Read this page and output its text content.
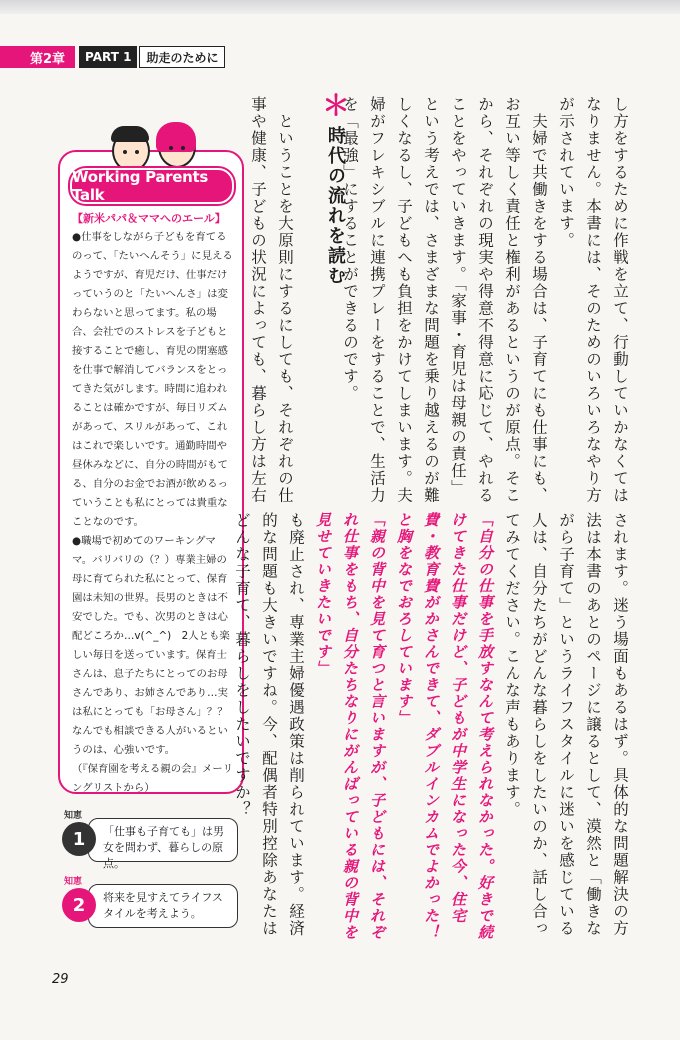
第2章	PART 1	助走のために
Working Parents Talk
【新米パパ＆ママへのエール】

●仕事をしながら子どもを育てるのって、「たいへんそう」に見えるようですが、育児だけ、仕事だけっていうのと「たいへんさ」は変わらないと思ってます。私の場合、会社でのストレスを子どもと接することで癒し、育児の閉塞感を仕事で解消してバランスをとってきた気がします。時間に追われることは確かですが、毎日リズムがあって、スリルがあって、これはこれで楽しいです。通勤時間や昼休みなどに、自分の時間がもてる、自分のお金でお酒が飲めるっていうことも私にとっては貴重なことなのです。

●職場で初めてのワーキングママ。バリバリの（？）専業主婦の母に育てられた私にとって、保育園は未知の世界。長男のときは不安でした。でも、次男のときは心配どころか…v(^_^)　2人とも楽しい毎日を送っています。保育士さんは、息子たちにとってのお母さんであり、お姉さんであり…実は私にとっても「お母さん」？？なんでも相談できる人がいるというのは、心強いです。

（『保育園を考える親の会』メーリングリストから）

「仕事も子育ても」は男女を問わず、暮らしの原点。
1
知恵
将来を見すえてライフスタイルを考えよう。
2
知恵
29

し方をするために作戦を立て、行動していかなくては

なりません。本書には、そのためのいろいろなやり方が示されています。

　夫婦で共働きをする場合は、子育てにも仕事にも、お互い等しく責任と権利があるというのが原点。そこから、それぞれの現実や得意不得意に応じて、やれることをやっていきます。「家事・育児は母親の責任」という考えでは、さまざまな問題を乗り越えるのが難しくなるし、子どもへも負担をかけてしまいます。夫婦がフレキシブルに連携プレーをすることで、生活力を「最強」にすることができるのです。

　ということを大原則にするにしても、それぞれの仕事や健康、子どもの状況によっても、暮らし方は左右	＊
時代の流れを読む

されます。迷う場面もあるはず。具体的な問題解決の方法は本書のあとのページに譲るとして、漠然と「働きながら子育て」というライフスタイルに迷いを感じている人は、自分たちがどんな暮らしをしたいのか、話し合ってみてください。こんな声もあります。

「自分の仕事を手放すなんて考えられなかった。好きで続けてきた仕事だけど、子どもが中学生になった今、住宅費・教育費がかさんできて、ダブルインカムでよかった！と胸をなでおろしています」

「親の背中を見て育つと言いますが、子どもには、それぞれ仕事をもち、自分たちなりにがんばっている親の背中を見せていきたいです」

も廃止され、専業主婦優遇政策は削られています。経済的な問題も大きいですね。今、配偶者特別控除あなたはどんな子育て、暮らしをしたいですか？
